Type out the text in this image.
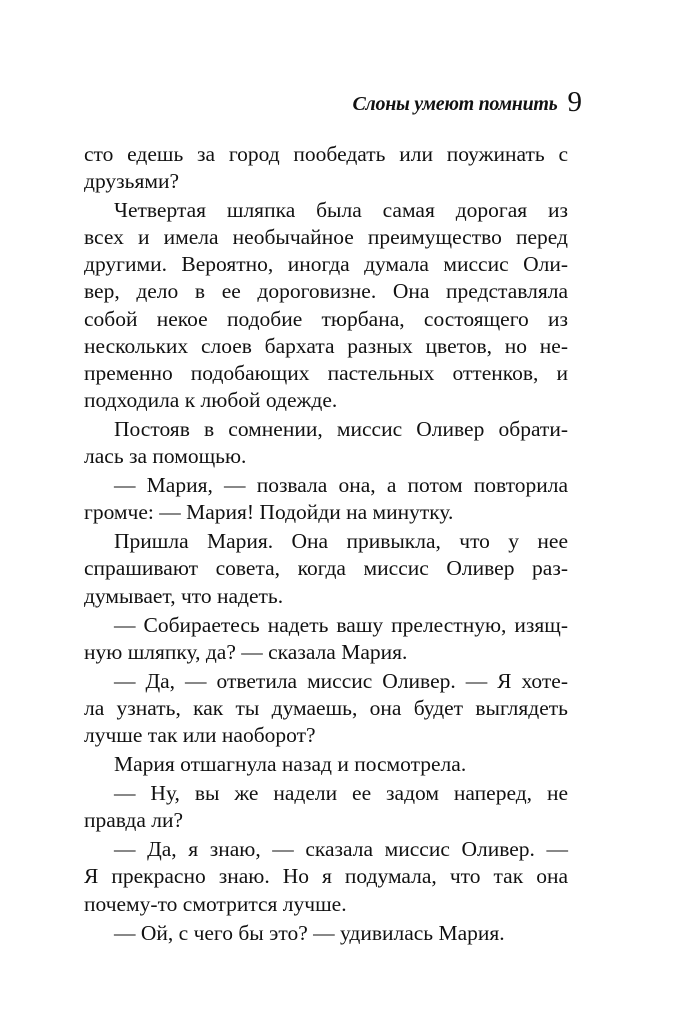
Слоны умеют помнить 9
сто едешь за город пообедать или поужинать с
друзьями?
Четвертая шляпка была самая дорогая из
всех и имела необычайное преимущество перед
другими. Вероятно, иногда думала миссис Оли-
вер, дело в ее дороговизне. Она представляла
собой некое подобие тюрбана, состоящего из
нескольких слоев бархата разных цветов, но не-
пременно подобающих пастельных оттенков, и
подходила к любой одежде.
Постояв в сомнении, миссис Оливер обрати-
лась за помощью.
— Мария, — позвала она, а потом повторила
громче: — Мария! Подойди на минутку.
Пришла Мария. Она привыкла, что у нее
спрашивают совета, когда миссис Оливер раз-
думывает, что надеть.
— Собираетесь надеть вашу прелестную, изящ-
ную шляпку, да? — сказала Мария.
— Да, — ответила миссис Оливер. — Я хоте-
ла узнать, как ты думаешь, она будет выглядеть
лучше так или наоборот?
Мария отшагнула назад и посмотрела.
— Ну, вы же надели ее задом наперед, не
правда ли?
— Да, я знаю, — сказала миссис Оливер. —
Я прекрасно знаю. Но я подумала, что так она
почему-то смотрится лучше.
— Ой, с чего бы это? — удивилась Мария.
